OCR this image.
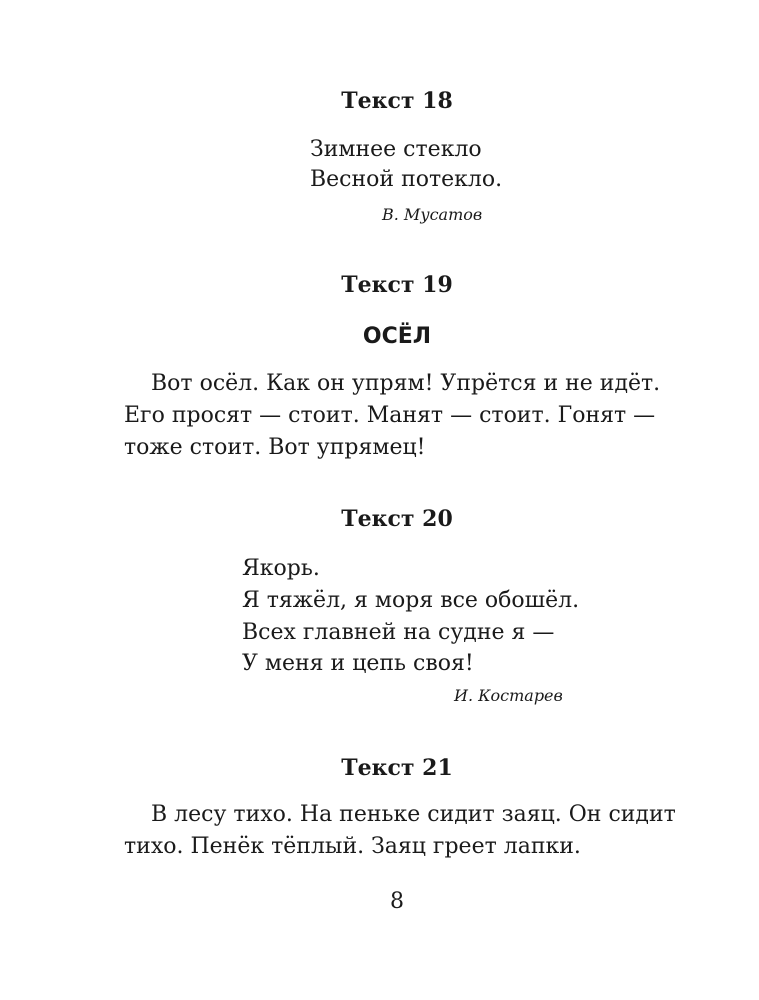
Текст 18
Зимнее стекло
Весной потекло.
В. Мусатов
Текст 19
ОСЁЛ
Вот осёл. Как он упрям! Упрётся и не идёт.
Его просят — стоит. Манят — стоит. Гонят —
тоже стоит. Вот упрямец!
Текст 20
Якорь.
Я тяжёл, я моря все обошёл.
Всех главней на судне я —
У меня и цепь своя!
И. Костарев
Текст 21
В лесу тихо. На пеньке сидит заяц. Он сидит
тихо. Пенёк тёплый. Заяц греет лапки.
8
